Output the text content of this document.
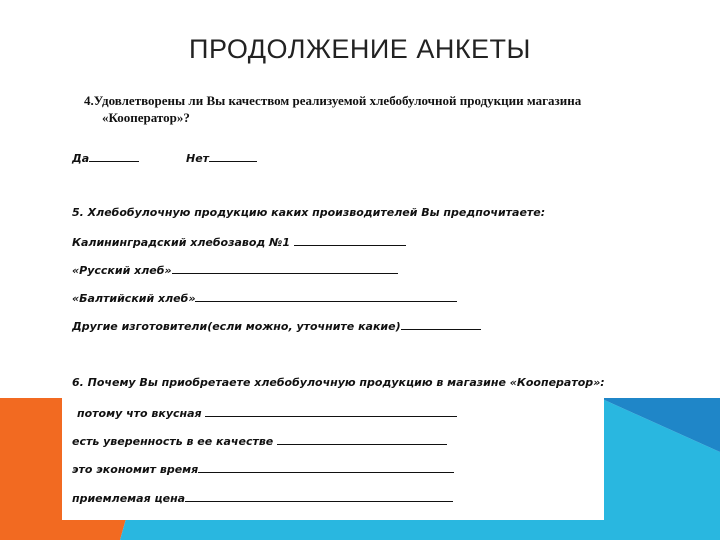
ПРОДОЛЖЕНИЕ АНКЕТЫ
4.Удовлетворены ли Вы качеством реализуемой хлебобулочной продукции магазина
«Кооператор»?
Да	Нет
5. Хлебобулочную продукцию каких производителей Вы предпочитаете:
Калининградский хлебозавод №1
«Русский хлеб»
«Балтийский хлеб»
Другие изготовители(если можно, уточните какие)
6. Почему Вы приобретаете хлебобулочную продукцию в магазине «Кооператор»:
потому что вкусная
есть уверенность в ее качестве
это экономит время
приемлемая цена
